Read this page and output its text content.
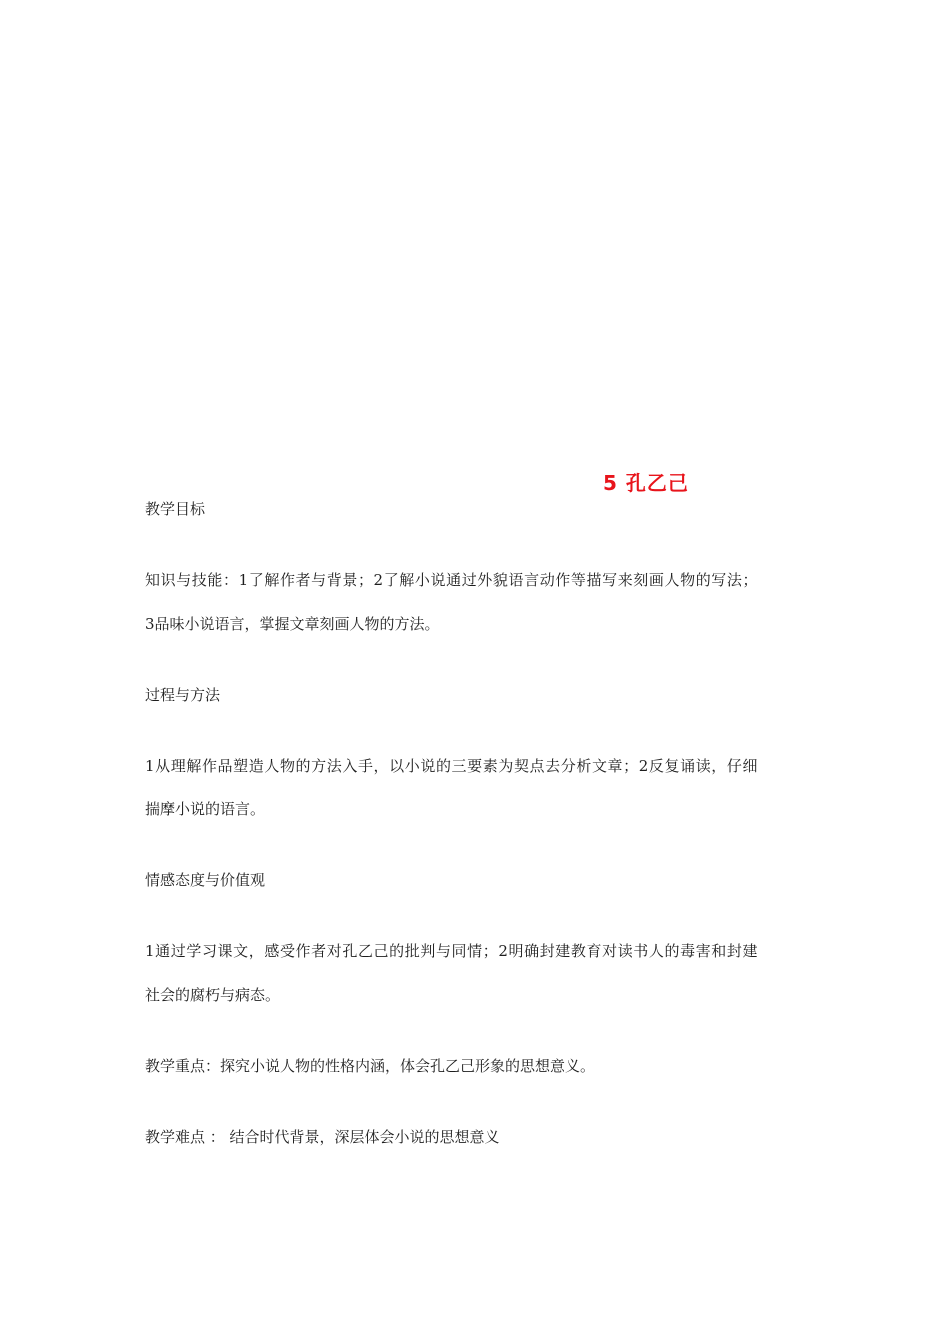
5 孔乙己
教学目标
知识与技能：1了解作者与背景；2了解小说通过外貌语言动作等描写来刻画人物的写法；
3品味小说语言，掌握文章刻画人物的方法。
过程与方法
1从理解作品塑造人物的方法入手，以小说的三要素为契点去分析文章；2反复诵读，仔细
揣摩小说的语言。
情感态度与价值观
1通过学习课文，感受作者对孔乙己的批判与同情；2明确封建教育对读书人的毒害和封建
社会的腐朽与病态。
教学重点：探究小说人物的性格内涵，体会孔乙己形象的思想意义。
教学难点 ： 结合时代背景，深层体会小说的思想意义
